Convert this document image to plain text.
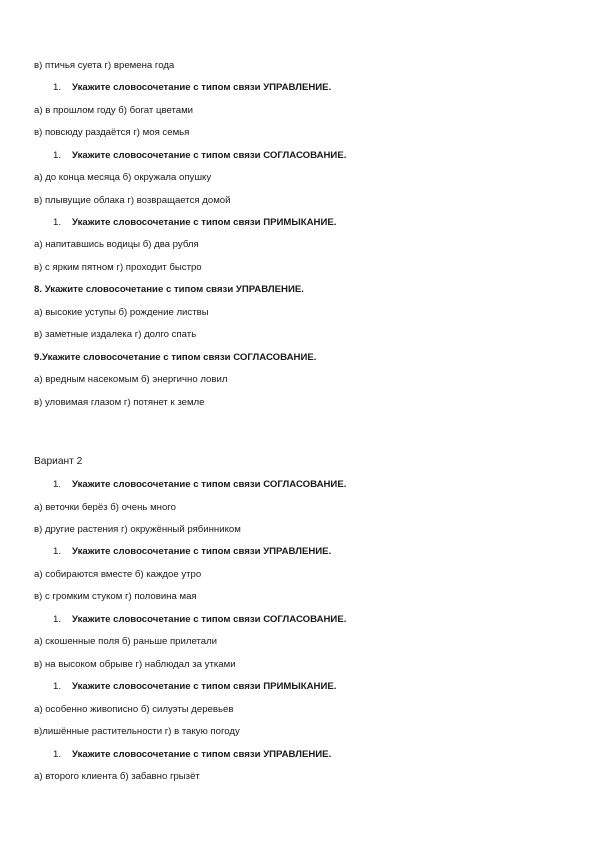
в) птичья суета г) времена года
1. Укажите словосочетание с типом связи УПРАВЛЕНИЕ.
а) в прошлом году б) богат цветами
в) повсюду раздаётся г) моя семья
1. Укажите словосочетание с типом связи СОГЛАСОВАНИЕ.
а) до конца месяца б) окружала опушку
в) плывущие облака г) возвращается домой
1. Укажите словосочетание с типом связи ПРИМЫКАНИЕ.
а) напитавшись водицы б) два рубля
в) с ярким пятном г) проходит быстро
8. Укажите словосочетание с типом связи УПРАВЛЕНИЕ.
а) высокие уступы б) рождение листвы
в) заметные издалека г) долго спать
9.Укажите словосочетание с типом связи СОГЛАСОВАНИЕ.
а) вредным насекомым б) энергично ловил
в) уловимая глазом г) потянет к земле
Вариант 2
1. Укажите словосочетание с типом связи СОГЛАСОВАНИЕ.
а) веточки берёз б) очень много
в) другие растения г) окружённый рябинником
1. Укажите словосочетание с типом связи УПРАВЛЕНИЕ.
а) собираются вместе б) каждое утро
в) с громким стуком г) половина мая
1. Укажите словосочетание с типом связи СОГЛАСОВАНИЕ.
а) скошенные поля б) раньше прилетали
в) на высоком обрыве г) наблюдал за утками
1. Укажите словосочетание с типом связи ПРИМЫКАНИЕ.
а) особенно живописно б) силуэты деревьев
в)лишённые растительности г) в такую погоду
1. Укажите словосочетание с типом связи УПРАВЛЕНИЕ.
а) второго клиента б) забавно грызёт
